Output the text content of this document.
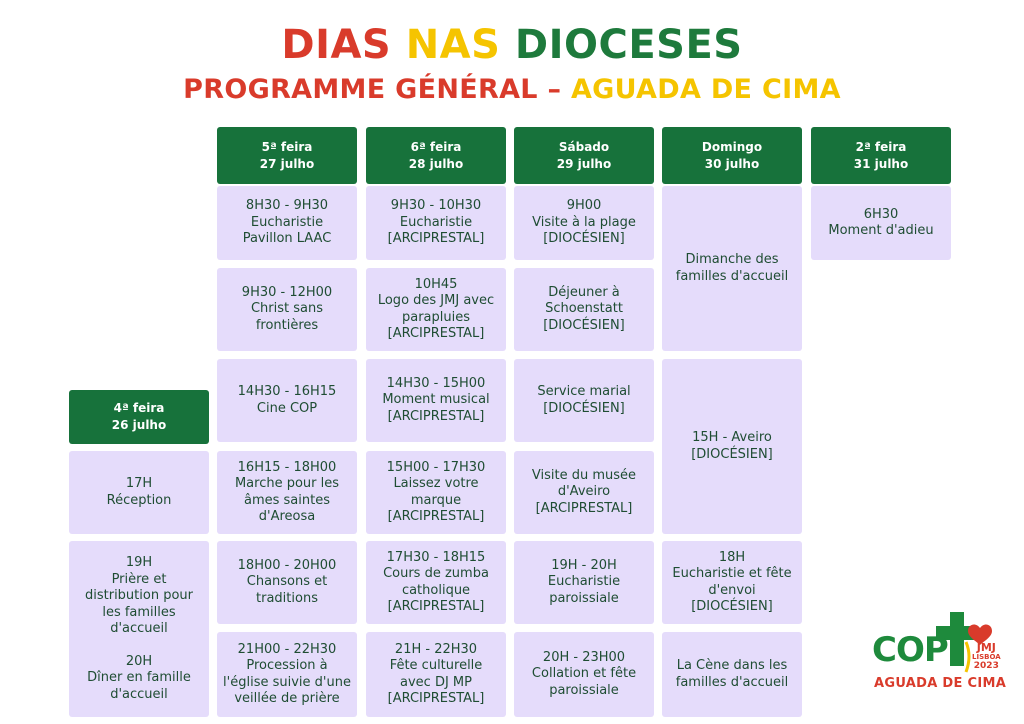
DIAS NAS DIOCESES
PROGRAMME GÉNÉRAL – AGUADA DE CIMA
4ª feira
26 julho
5ª feira
27 julho
6ª feira
28 julho
Sábado
29 julho
Domingo
30 julho
2ª feira
31 julho
17H
Réception
19H
Prière et
distribution pour
les familles
d'accueil
20H
Dîner en famille
d'accueil
8H30 - 9H30
Eucharistie
Pavillon LAAC
9H30 - 12H00
Christ sans
frontières
14H30 - 16H15
Cine COP
16H15 - 18H00
Marche pour les
âmes saintes
d'Areosa
18H00 - 20H00
Chansons et
traditions
21H00 - 22H30
Procession à
l'église suivie d'une
veillée de prière
9H30 - 10H30
Eucharistie
[ARCIPRESTAL]
10H45
Logo des JMJ avec
parapluies
[ARCIPRESTAL]
14H30 - 15H00
Moment musical
[ARCIPRESTAL]
15H00 - 17H30
Laissez votre
marque
[ARCIPRESTAL]
17H30 - 18H15
Cours de zumba
catholique
[ARCIPRESTAL]
21H - 22H30
Fête culturelle
avec DJ MP
[ARCIPRESTAL]
9H00
Visite à la plage
[DIOCÉSIEN]
Déjeuner à
Schoenstatt
[DIOCÉSIEN]
Service marial
[DIOCÉSIEN]
Visite du musée
d'Aveiro
[ARCIPRESTAL]
19H - 20H
Eucharistie
paroissiale
20H - 23H00
Collation et fête
paroissiale
Dimanche des
familles d'accueil
15H - Aveiro
[DIOCÉSIEN]
18H
Eucharistie et fête
d'envoi
[DIOCÉSIEN]
La Cène dans les
familles d'accueil
6H30
Moment d'adieu
COP	JMJ
LISBOA
2023
AGUADA DE CIMA
